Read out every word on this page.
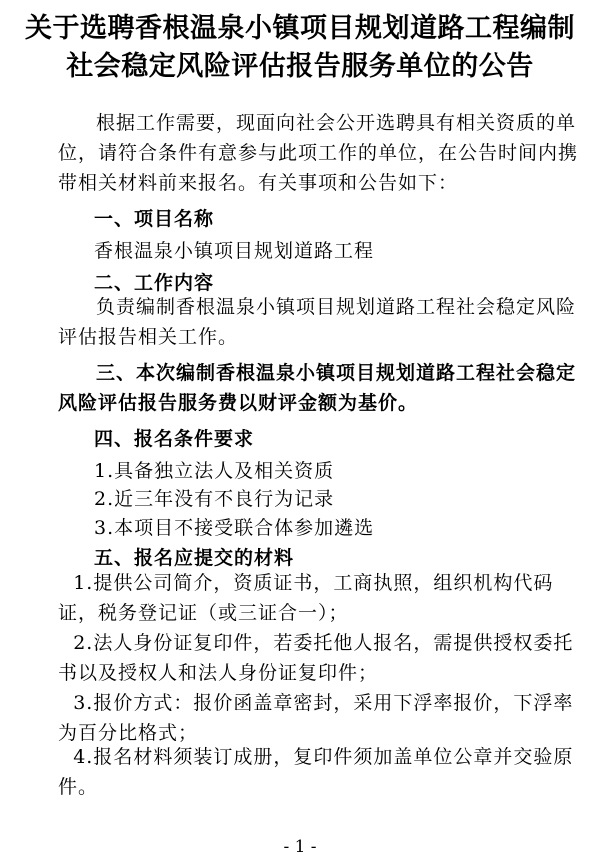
关于选聘香根温泉小镇项目规划道路工程编制
社会稳定风险评估报告服务单位的公告

根据工作需要，现面向社会公开选聘具有相关资质的单位，请符合条件有意参与此项工作的单位，在公告时间内携带相关材料前来报名。有关事项和公告如下：

一、项目名称
香根温泉小镇项目规划道路工程
二、工作内容

负责编制香根温泉小镇项目规划道路工程社会稳定风险评估报告相关工作。

三、本次编制香根温泉小镇项目规划道路工程社会稳定风险评估报告服务费以财评金额为基价。
四、报名条件要求
1.具备独立法人及相关资质
2.近三年没有不良行为记录
3.本项目不接受联合体参加遴选
五、报名应提交的材料

1.提供公司简介，资质证书，工商执照，组织机构代码证，税务登记证（或三证合一）；

2.法人身份证复印件，若委托他人报名，需提供授权委托书以及授权人和法人身份证复印件；

3.报价方式：报价函盖章密封，采用下浮率报价，下浮率为百分比格式；

4.报名材料须装订成册，复印件须加盖单位公章并交验原件。

- 1 -
